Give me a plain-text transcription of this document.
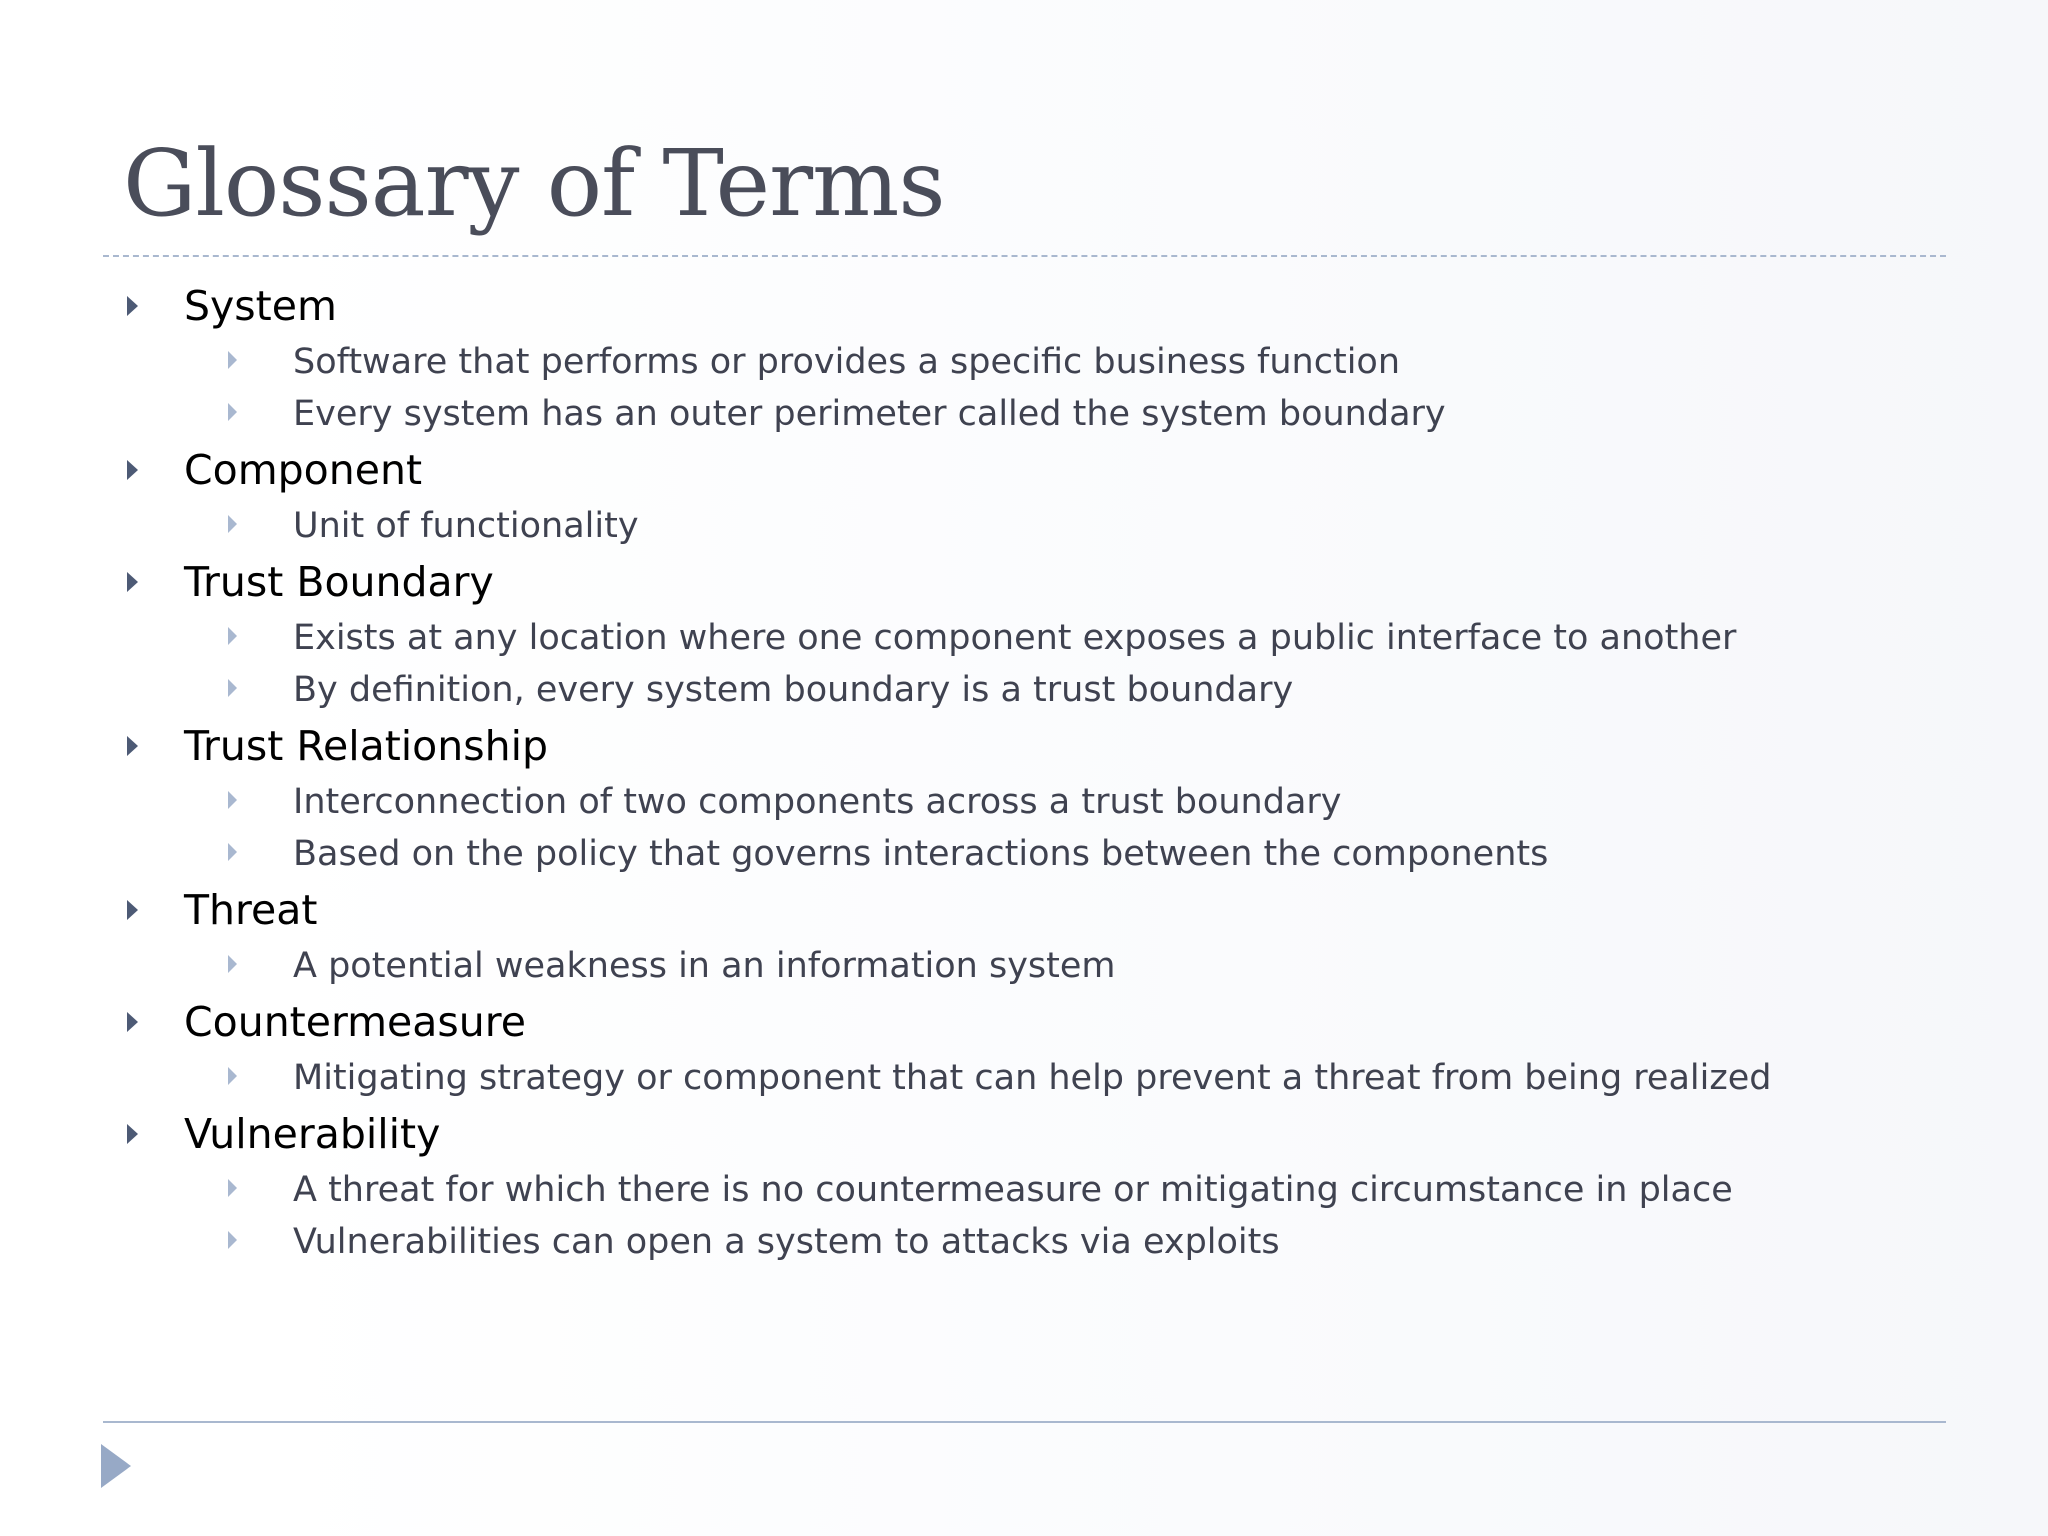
Glossary of Terms
System
Software that performs or provides a specific business function
Every system has an outer perimeter called the system boundary
Component
Unit of functionality
Trust Boundary
Exists at any location where one component exposes a public interface to another
By definition, every system boundary is a trust boundary
Trust Relationship
Interconnection of two components across a trust boundary
Based on the policy that governs interactions between the components
Threat
A potential weakness in an information system
Countermeasure
Mitigating strategy or component that can help prevent a threat from being realized
Vulnerability
A threat for which there is no countermeasure or mitigating circumstance in place
Vulnerabilities can open a system to attacks via exploits
